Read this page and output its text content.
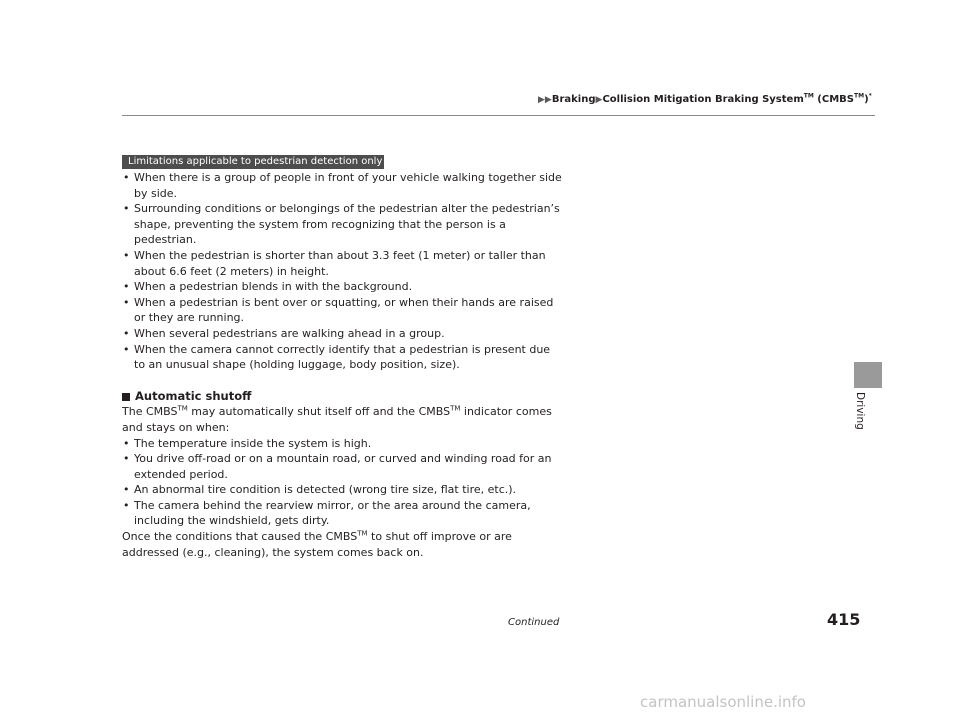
▶▶Braking▶Collision Mitigation Braking System™ (CMBS™)*
Limitations applicable to pedestrian detection only
• When there is a group of people in front of your vehicle walking together side by side.
• Surrounding conditions or belongings of the pedestrian alter the pedestrian’s shape, preventing the system from recognizing that the person is a pedestrian.
• When the pedestrian is shorter than about 3.3 feet (1 meter) or taller than about 6.6 feet (2 meters) in height.
• When a pedestrian blends in with the background.
• When a pedestrian is bent over or squatting, or when their hands are raised or they are running.
• When several pedestrians are walking ahead in a group.
• When the camera cannot correctly identify that a pedestrian is present due to an unusual shape (holding luggage, body position, size).
Automatic shutoff
The CMBS™ may automatically shut itself off and the CMBS™ indicator comes and stays on when:
• The temperature inside the system is high.
• You drive off-road or on a mountain road, or curved and winding road for an extended period.
• An abnormal tire condition is detected (wrong tire size, flat tire, etc.).
• The camera behind the rearview mirror, or the area around the camera, including the windshield, gets dirty.
Once the conditions that caused the CMBS™ to shut off improve or are addressed (e.g., cleaning), the system comes back on.
Driving
Continued	415
carmanualsonline.info
